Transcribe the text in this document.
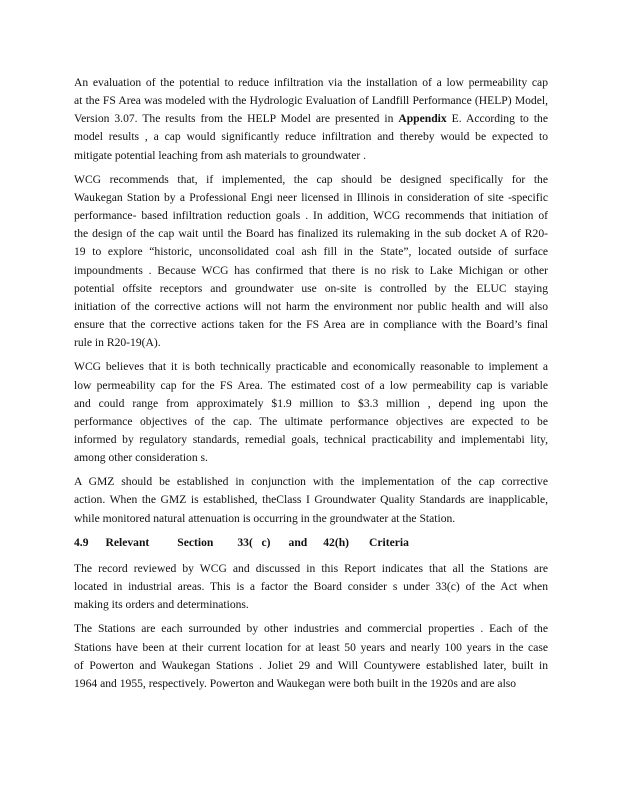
An evaluation of the potential to reduce infiltration via the installation of a low permeability cap
at the FS Area was modeled with the Hydrologic Evaluation of Landfill Performance (HELP) Model,
Version 3.07. The results from the HELP Model are presented in Appendix E. According to the
model results , a cap would significantly reduce infiltration and thereby would be expected to
mitigate potential leaching from ash materials to groundwater .
WCG recommends that, if implemented, the cap should be designed specifically for the
Waukegan Station by a Professional Engi neer licensed in Illinois in consideration of site -specific
performance- based infiltration reduction goals . In addition, WCG recommends that initiation of
the design of the cap wait until the Board has finalized its rulemaking in the sub docket A of R20-
19 to explore “historic, unconsolidated coal ash fill in the State”, located outside of surface
impoundments . Because WCG has confirmed that there is no risk to Lake Michigan or other
potential offsite receptors and groundwater use on-site is controlled by the ELUC staying
initiation of the corrective actions will not harm the environment nor public health and will also
ensure that the corrective actions taken for the FS Area are in compliance with the Board’s final
rule in R20-19(A).
WCG believes that it is both technically practicable and economically reasonable to implement a
low permeability cap for the FS Area. The estimated cost of a low permeability cap is variable
and could range from approximately $1.9 million to $3.3 million , depend ing upon the
performance objectives of the cap. The ultimate performance objectives are expected to be
informed by regulatory standards, remedial goals, technical practicability and implementabi lity,
among other consideration s.
A GMZ should be established in conjunction with the implementation of the cap corrective
action. When the GMZ is established, theClass I Groundwater Quality Standards are inapplicable,
while monitored natural attenuation is occurring in the groundwater at the Station.
4.9 Relevant Section 33(   c) and 42(h) Criteria
The record reviewed by WCG and discussed in this Report indicates that all the Stations are
located in industrial areas. This is a factor the Board consider s under 33(c) of the Act when
making its orders and determinations.
The Stations are each surrounded by other industries and commercial properties . Each of the
Stations have been at their current location for at least 50 years and nearly 100 years in the case
of Powerton and Waukegan Stations . Joliet 29 and Will Countywere established later, built in
1964 and 1955, respectively. Powerton and Waukegan were both built in the 1920s and are also
